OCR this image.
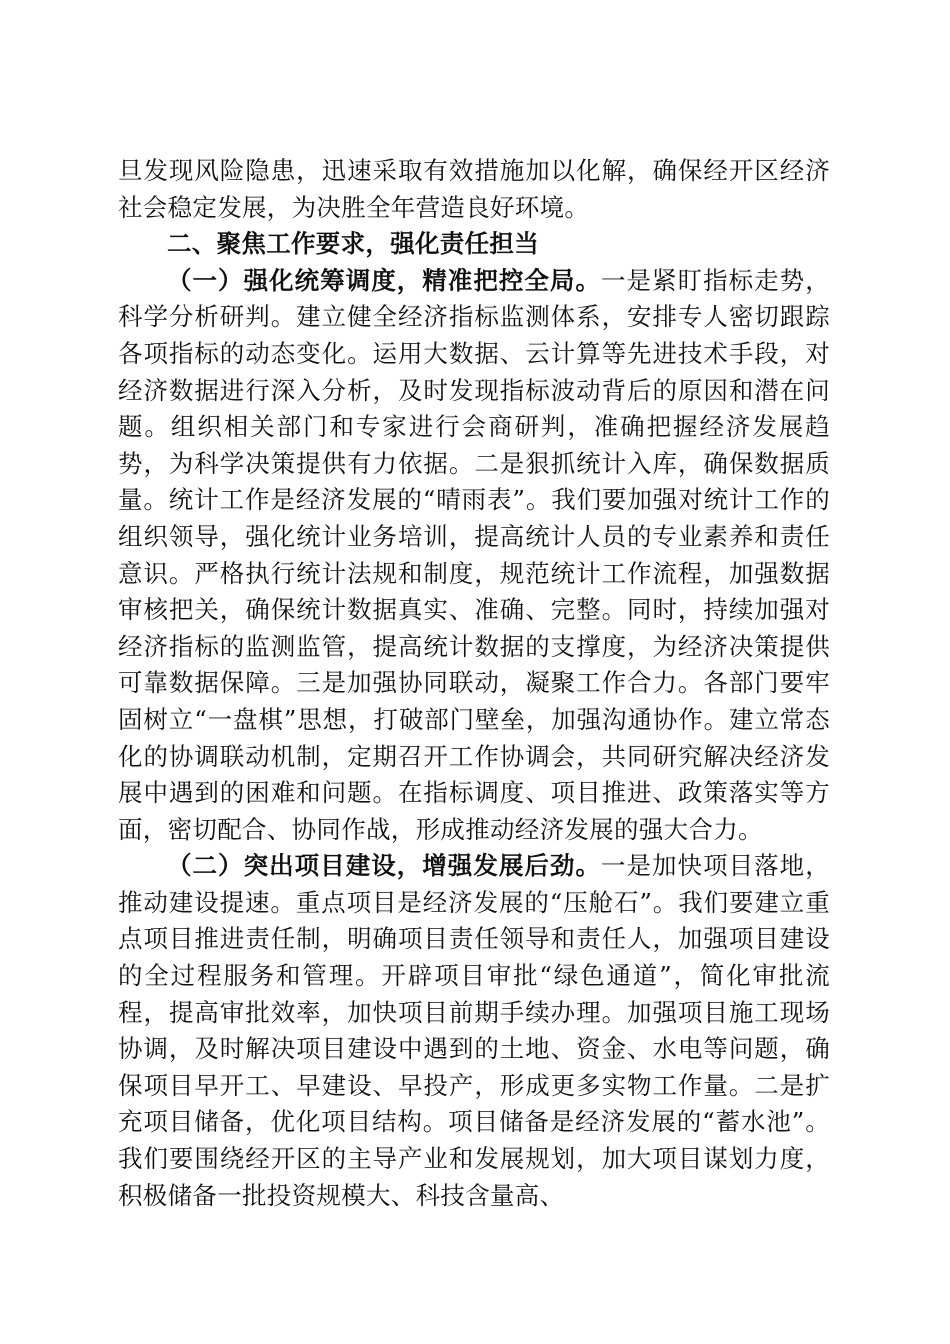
旦发现风险隐患，迅速采取有效措施加以化解，确保经开区经济社会稳定发展，为决胜全年营造良好环境。

二、聚焦工作要求，强化责任担当

（一）强化统筹调度，精准把控全局。一是紧盯指标走势，科学分析研判。建立健全经济指标监测体系，安排专人密切跟踪各项指标的动态变化。运用大数据、云计算等先进技术手段，对经济数据进行深入分析，及时发现指标波动背后的原因和潜在问题。组织相关部门和专家进行会商研判，准确把握经济发展趋势，为科学决策提供有力依据。二是狠抓统计入库，确保数据质量。统计工作是经济发展的“晴雨表”。我们要加强对统计工作的组织领导，强化统计业务培训，提高统计人员的专业素养和责任意识。严格执行统计法规和制度，规范统计工作流程，加强数据审核把关，确保统计数据真实、准确、完整。同时，持续加强对经济指标的监测监管，提高统计数据的支撑度，为经济决策提供可靠数据保障。三是加强协同联动，凝聚工作合力。各部门要牢固树立“一盘棋”思想，打破部门壁垒，加强沟通协作。建立常态化的协调联动机制，定期召开工作协调会，共同研究解决经济发展中遇到的困难和问题。在指标调度、项目推进、政策落实等方面，密切配合、协同作战，形成推动经济发展的强大合力。

（二）突出项目建设，增强发展后劲。一是加快项目落地，推动建设提速。重点项目是经济发展的“压舱石”。我们要建立重点项目推进责任制，明确项目责任领导和责任人，加强项目建设的全过程服务和管理。开辟项目审批“绿色通道”，简化审批流程，提高审批效率，加快项目前期手续办理。加强项目施工现场协调，及时解决项目建设中遇到的土地、资金、水电等问题，确保项目早开工、早建设、早投产，形成更多实物工作量。二是扩充项目储备，优化项目结构。项目储备是经济发展的“蓄水池”。我们要围绕经开区的主导产业和发展规划，加大项目谋划力度，积极储备一批投资规模大、科技含量高、
